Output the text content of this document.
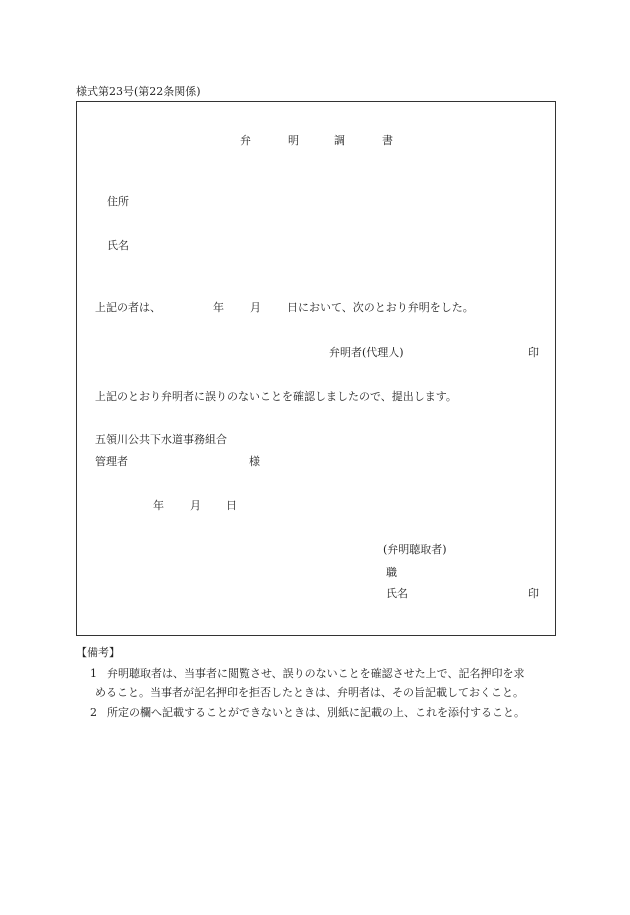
様式第23号(第22条関係)
弁	明	調	書
住所
氏名
上記の者は、	年 月 日において、次のとおり弁明をした。
弁明者(代理人)	印
上記のとおり弁明者に誤りのないことを確認しましたので、提出します。
五領川公共下水道事務組合
管理者	様
年 月 日
(弁明聴取者)
職
氏名	印
【備考】
1 弁明聴取者は、当事者に閲覧させ、誤りのないことを確認させた上で、記名押印を求
めること。当事者が記名押印を拒否したときは、弁明者は、その旨記載しておくこと。
2 所定の欄へ記載することができないときは、別紙に記載の上、これを添付すること。
